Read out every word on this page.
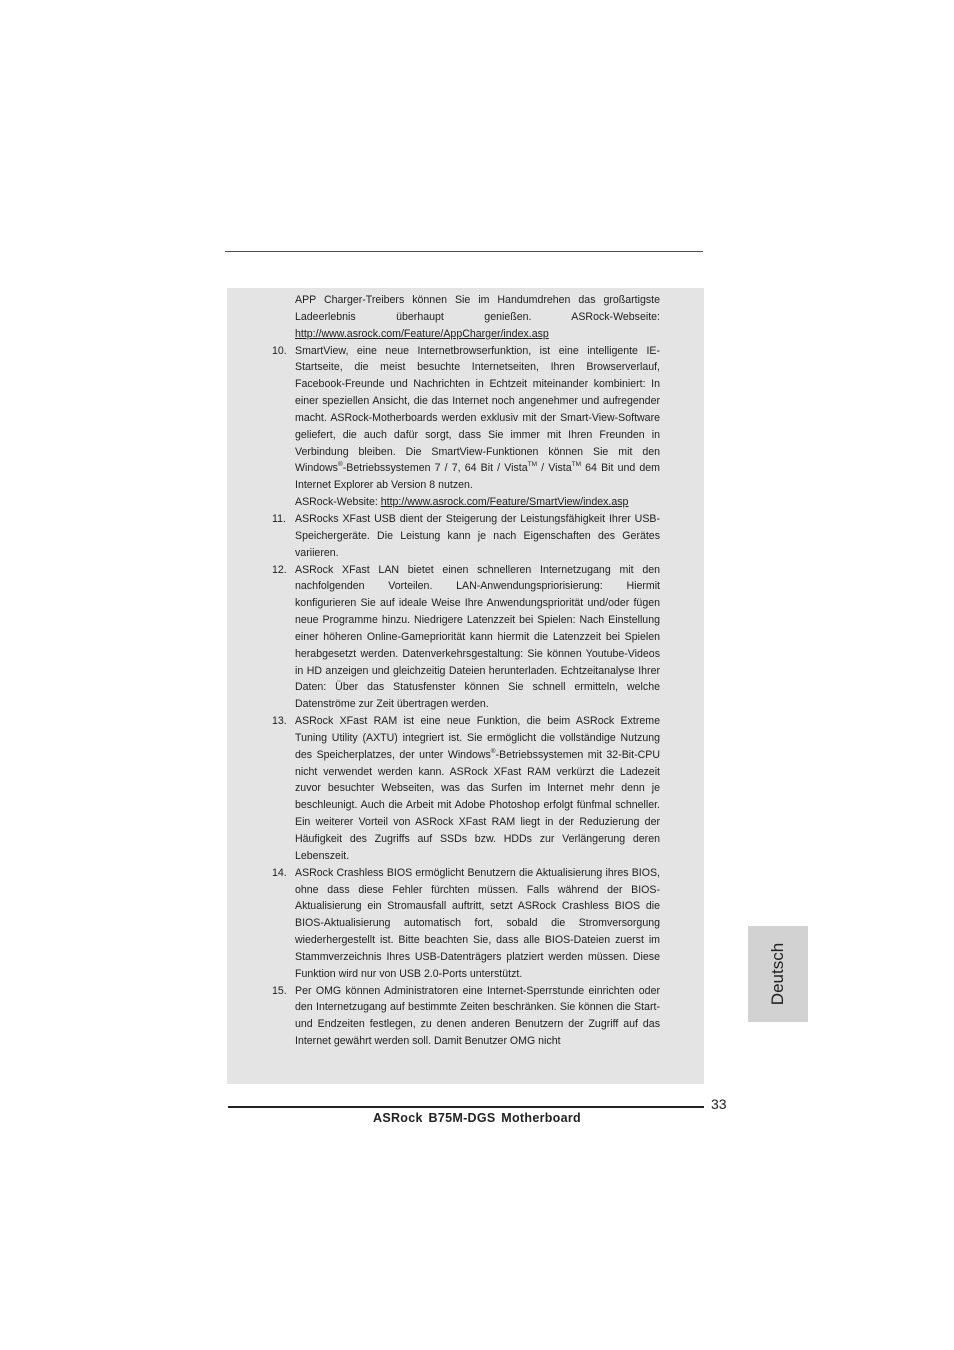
APP Charger-Treibers können Sie im Handumdrehen das großartigste Ladeerlebnis überhaupt genießen. ASRock-Webseite: http://www.asrock.com/Feature/AppCharger/index.asp

10. SmartView, eine neue Internetbrowserfunktion, ist eine intelligente IE-Startseite, die meist besuchte Internetseiten, Ihren Browserverlauf, Facebook-Freunde und Nachrichten in Echtzeit miteinander kombiniert: In einer speziellen Ansicht, die das Internet noch angenehmer und aufregender macht. ASRock-Motherboards werden exklusiv mit der Smart-View-Software geliefert, die auch dafür sorgt, dass Sie immer mit Ihren Freunden in Verbindung bleiben. Die SmartView-Funktionen können Sie mit den Windows®-Betriebssystemen 7 / 7, 64 Bit / Vista™ / Vista™ 64 Bit und dem Internet Explorer ab Version 8 nutzen.

ASRock-Website: http://www.asrock.com/Feature/SmartView/index.asp

11. ASRocks XFast USB dient der Steigerung der Leistungsfähigkeit Ihrer USB-Speichergeräte. Die Leistung kann je nach Eigenschaften des Gerätes variieren.

12. ASRock XFast LAN bietet einen schnelleren Internetzugang mit den nachfolgenden Vorteilen. LAN-Anwendungspriorisierung: Hiermit konfigurieren Sie auf ideale Weise Ihre Anwendungspriorität und/oder fügen neue Programme hinzu. Niedrigere Latenzzeit bei Spielen: Nach Einstellung einer höheren Online-Gamepriorität kann hiermit die Latenzzeit bei Spielen herabgesetzt werden. Datenverkehrsgestaltung: Sie können Youtube-Videos in HD anzeigen und gleichzeitig Dateien herunterladen. Echtzeitanalyse Ihrer Daten: Über das Statusfenster können Sie schnell ermitteln, welche Datenströme zur Zeit übertragen werden.

13. ASRock XFast RAM ist eine neue Funktion, die beim ASRock Extreme Tuning Utility (AXTU) integriert ist. Sie ermöglicht die vollständige Nutzung des Speicherplatzes, der unter Windows®-Betriebssystemen mit 32-Bit-CPU nicht verwendet werden kann. ASRock XFast RAM verkürzt die Ladezeit zuvor besuchter Webseiten, was das Surfen im Internet mehr denn je beschleunigt. Auch die Arbeit mit Adobe Photoshop erfolgt fünfmal schneller. Ein weiterer Vorteil von ASRock XFast RAM liegt in der Reduzierung der Häufigkeit des Zugriffs auf SSDs bzw. HDDs zur Verlängerung deren Lebenszeit.

14. ASRock Crashless BIOS ermöglicht Benutzern die Aktualisierung ihres BIOS, ohne dass diese Fehler fürchten müssen. Falls während der BIOS-Aktualisierung ein Stromausfall auftritt, setzt ASRock Crashless BIOS die BIOS-Aktualisierung automatisch fort, sobald die Stromversorgung wiederhergestellt ist. Bitte beachten Sie, dass alle BIOS-Dateien zuerst im Stammverzeichnis Ihres USB-Datenträgers platziert werden müssen. Diese Funktion wird nur von USB 2.0-Ports unterstützt.

15. Per OMG können Administratoren eine Internet-Sperrstunde einrichten oder den Internetzugang auf bestimmte Zeiten beschränken. Sie können die Start- und Endzeiten festlegen, zu denen anderen Benutzern der Zugriff auf das Internet gewährt werden soll. Damit Benutzer OMG nicht

Deutsch
33
ASRock B75M-DGS Motherboard
